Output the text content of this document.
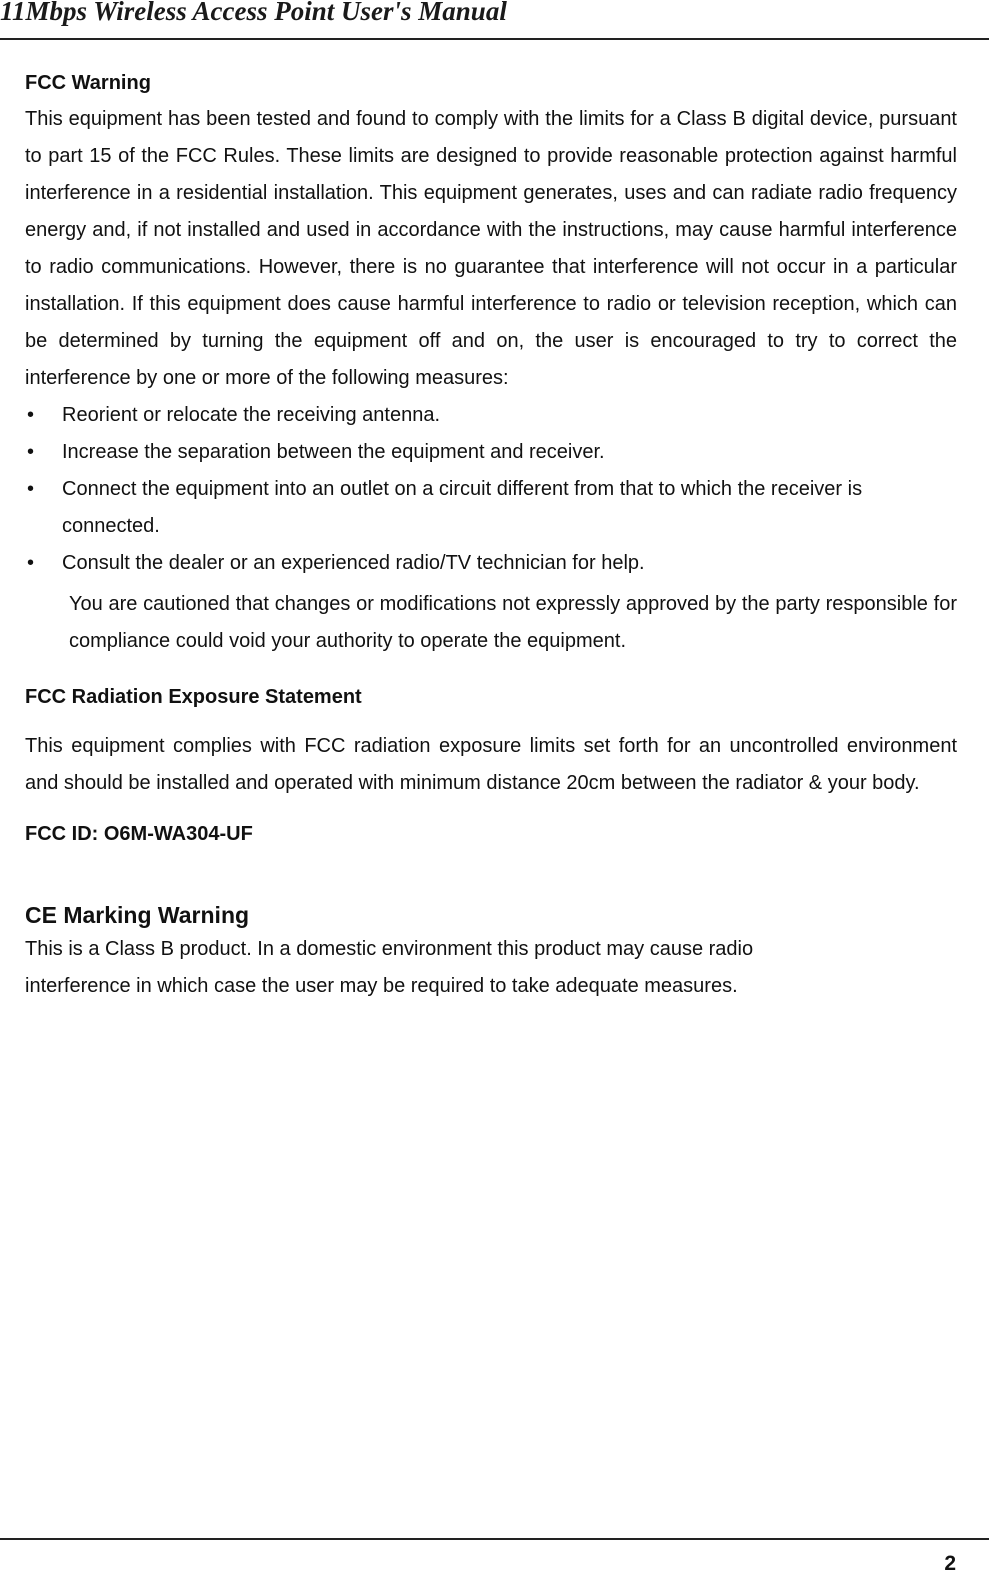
11Mbps Wireless Access Point User's Manual
FCC Warning

This equipment has been tested and found to comply with the limits for a Class B digital device, pursuant to part 15 of the FCC Rules. These limits are designed to provide reasonable protection against harmful interference in a residential installation. This equipment generates, uses and can radiate radio frequency energy and, if not installed and used in accordance with the instructions, may cause harmful interference to radio communications. However, there is no guarantee that interference will not occur in a particular installation. If this equipment does cause harmful interference to radio or television reception, which can be determined by turning the equipment off and on, the user is encouraged to try to correct the interference by one or more of the following measures:

• Reorient or relocate the receiving antenna.
• Increase the separation between the equipment and receiver.
• Connect the equipment into an outlet on a circuit different from that to which the receiver is connected.
• Consult the dealer or an experienced radio/TV technician for help.

You are cautioned that changes or modifications not expressly approved by the party responsible for compliance could void your authority to operate the equipment.

FCC Radiation Exposure Statement

This equipment complies with FCC radiation exposure limits set forth for an uncontrolled environment and should be installed and operated with minimum distance 20cm between the radiator & your body.

FCC ID: O6M-WA304-UF
CE Marking Warning

This is a Class B product. In a domestic environment this product may cause radio

interference in which case the user may be required to take adequate measures.

2
